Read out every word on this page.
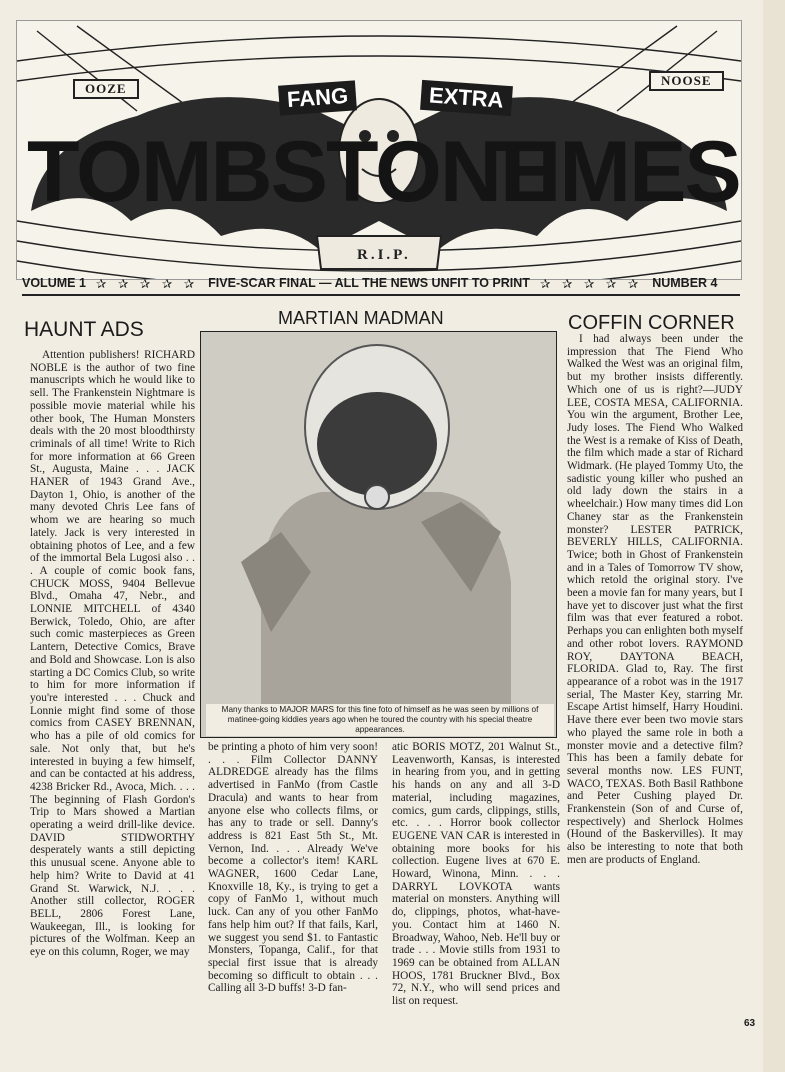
OOZE
NOOSE
FANG	EXTRA
TOMBSTONE
TIMES
R.I.P.
VOLUME 1 ✰ ✰ ✰ ✰ ✰ FIVE-SCAR FINAL — ALL THE NEWS UNFIT TO PRINT ✰ ✰ ✰ ✰ ✰ NUMBER 4
HAUNT ADS	MARTIAN MADMAN	COFFIN CORNER

Attention publishers! RICHARD NOBLE is the author of two fine manuscripts which he would like to sell. The Frankenstein Nightmare is possible movie material while his other book, The Human Monsters deals with the 20 most bloodthirsty criminals of all time! Write to Rich for more information at 66 Green St., Augusta, Maine . . . JACK HANER of 1943 Grand Ave., Dayton 1, Ohio, is another of the many devoted Chris Lee fans of whom we are hearing so much lately. Jack is very interested in obtaining photos of Lee, and a few of the immortal Bela Lugosi also . . . A couple of comic book fans, CHUCK MOSS, 9404 Bellevue Blvd., Omaha 47, Nebr., and LONNIE MITCHELL of 4340 Berwick, Toledo, Ohio, are after such comic masterpieces as Green Lantern, Detective Comics, Brave and Bold and Showcase. Lon is also starting a DC Comics Club, so write to him for more information if you're interested . . . Chuck and Lonnie might find some of those comics from CASEY BRENNAN, who has a pile of old comics for sale. Not only that, but he's interested in buying a few himself, and can be contacted at his address, 4238 Bricker Rd., Avoca, Mich. . . . The beginning of Flash Gordon's Trip to Mars showed a Martian operating a weird drill-like device. DAVID STIDWORTHY desperately wants a still depicting this unusual scene. Anyone able to help him? Write to David at 41 Grand St. Warwick, N.J. . . . Another still collector, ROGER BELL, 2806 Forest Lane, Waukeegan, Ill., is looking for pictures of the Wolfman. Keep an eye on this column, Roger, we may

Many thanks to MAJOR MARS for this fine foto of himself as he was seen by millions of matinee-going kiddies years ago when he toured the country with his special theatre appearances.

be printing a photo of him very soon! . . . Film Collector DANNY ALDREDGE already has the films advertised in FanMo (from Castle Dracula) and wants to hear from anyone else who collects films, or has any to trade or sell. Danny's address is 821 East 5th St., Mt. Vernon, Ind. . . . Already We've become a collector's item! KARL WAGNER, 1600 Cedar Lane, Knoxville 18, Ky., is trying to get a copy of FanMo 1, without much luck. Can any of you other FanMo fans help him out? If that fails, Karl, we suggest you send $1. to Fantastic Monsters, Topanga, Calif., for that special first issue that is already becoming so difficult to obtain . . . Calling all 3-D buffs! 3-D fan-

atic BORIS MOTZ, 201 Walnut St., Leavenworth, Kansas, is interested in hearing from you, and in getting his hands on any and all 3-D material, including magazines, comics, gum cards, clippings, stills, etc. . . . Horror book collector EUGENE VAN CAR is interested in obtaining more books for his collection. Eugene lives at 670 E. Howard, Winona, Minn. . . . DARRYL LOVKOTA wants material on monsters. Anything will do, clippings, photos, what-have-you. Contact him at 1460 N. Broadway, Wahoo, Neb. He'll buy or trade . . . Movie stills from 1931 to 1969 can be obtained from ALLAN HOOS, 1781 Bruckner Blvd., Box 72, N.Y., who will send prices and list on request.

I had always been under the impression that The Fiend Who Walked the West was an original film, but my brother insists differently. Which one of us is right?—JUDY LEE, COSTA MESA, CALIFORNIA. You win the argument, Brother Lee, Judy loses. The Fiend Who Walked the West is a remake of Kiss of Death, the film which made a star of Richard Widmark. (He played Tommy Uto, the sadistic young killer who pushed an old lady down the stairs in a wheelchair.) How many times did Lon Chaney star as the Frankenstein monster? LESTER PATRICK, BEVERLY HILLS, CALIFORNIA. Twice; both in Ghost of Frankenstein and in a Tales of Tomorrow TV show, which retold the original story. I've been a movie fan for many years, but I have yet to discover just what the first film was that ever featured a robot. Perhaps you can enlighten both myself and other robot lovers. RAYMOND ROY, DAYTONA BEACH, FLORIDA. Glad to, Ray. The first appearance of a robot was in the 1917 serial, The Master Key, starring Mr. Escape Artist himself, Harry Houdini. Have there ever been two movie stars who played the same role in both a monster movie and a detective film? This has been a family debate for several months now. LES FUNT, WACO, TEXAS. Both Basil Rathbone and Peter Cushing played Dr. Frankenstein (Son of and Curse of, respectively) and Sherlock Holmes (Hound of the Baskervilles). It may also be interesting to note that both men are products of England.

63
